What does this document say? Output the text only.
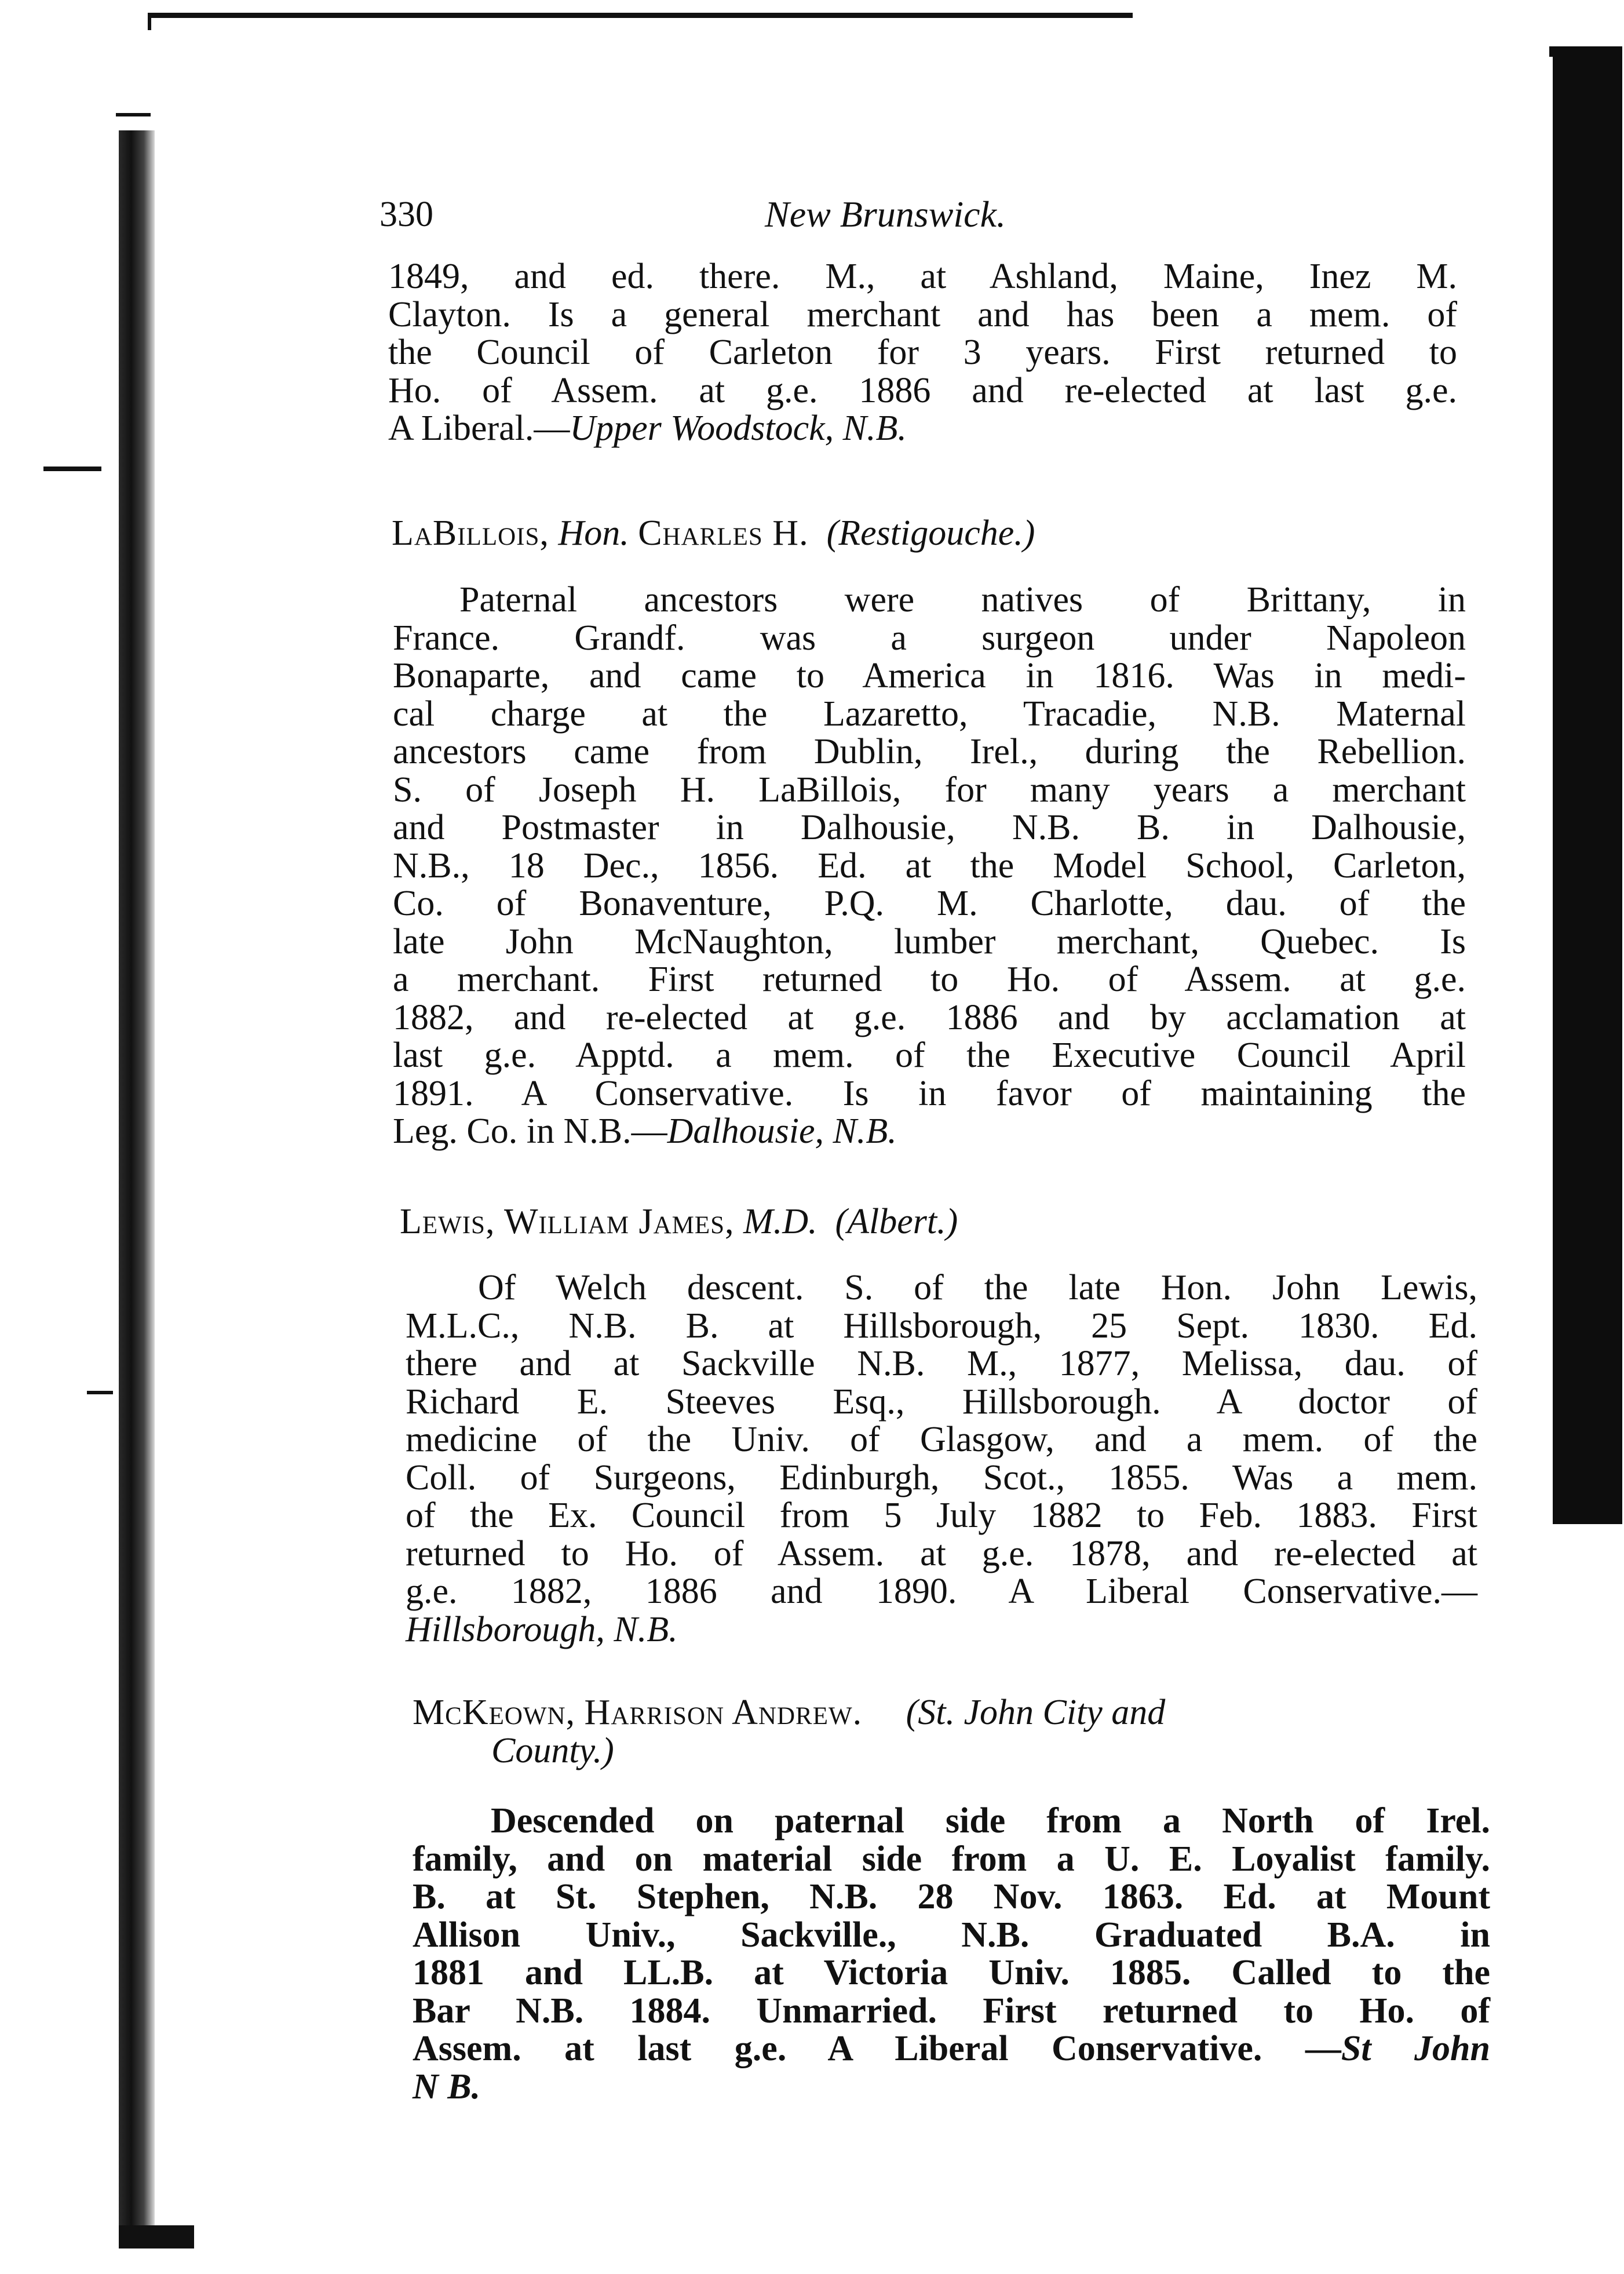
330	New Brunswick.
1849, and ed. there. M., at Ashland, Maine, Inez M.
Clayton. Is a general merchant and has been a mem. of
the Council of Carleton for 3 years. First returned to
Ho. of Assem. at g.e. 1886 and re-elected at last g.e.
A Liberal.—Upper Woodstock, N.B.
LaBillois, Hon. Charles H. (Restigouche.)
Paternal ancestors were natives of Brittany, in
France. Grandf. was a surgeon under Napoleon
Bonaparte, and came to America in 1816. Was in medi-
cal charge at the Lazaretto, Tracadie, N.B. Maternal
ancestors came from Dublin, Irel., during the Rebellion.
S. of Joseph H. LaBillois, for many years a merchant
and Postmaster in Dalhousie, N.B. B. in Dalhousie,
N.B., 18 Dec., 1856. Ed. at the Model School, Carleton,
Co. of Bonaventure, P.Q. M. Charlotte, dau. of the
late John McNaughton, lumber merchant, Quebec. Is
a merchant. First returned to Ho. of Assem. at g.e.
1882, and re-elected at g.e. 1886 and by acclamation at
last g.e. Apptd. a mem. of the Executive Council April
1891. A Conservative. Is in favor of maintaining the
Leg. Co. in N.B.—Dalhousie, N.B.
Lewis, William James, M.D. (Albert.)
Of Welch descent. S. of the late Hon. John Lewis,
M.L.C., N.B. B. at Hillsborough, 25 Sept. 1830. Ed.
there and at Sackville N.B. M., 1877, Melissa, dau. of
Richard E. Steeves Esq., Hillsborough. A doctor of
medicine of the Univ. of Glasgow, and a mem. of the
Coll. of Surgeons, Edinburgh, Scot., 1855. Was a mem.
of the Ex. Council from 5 July 1882 to Feb. 1883. First
returned to Ho. of Assem. at g.e. 1878, and re-elected at
g.e. 1882, 1886 and 1890. A Liberal Conservative.—
Hillsborough, N.B.
McKeown, Harrison Andrew. (St. John City and
County.)
Descended on paternal side from a North of Irel.
family, and on material side from a U. E. Loyalist family.
B. at St. Stephen, N.B. 28 Nov. 1863. Ed. at Mount
Allison Univ., Sackville., N.B. Graduated B.A. in
1881 and LL.B. at Victoria Univ. 1885. Called to the
Bar N.B. 1884. Unmarried. First returned to Ho. of
Assem. at last g.e. A Liberal Conservative. —St John
N B.
